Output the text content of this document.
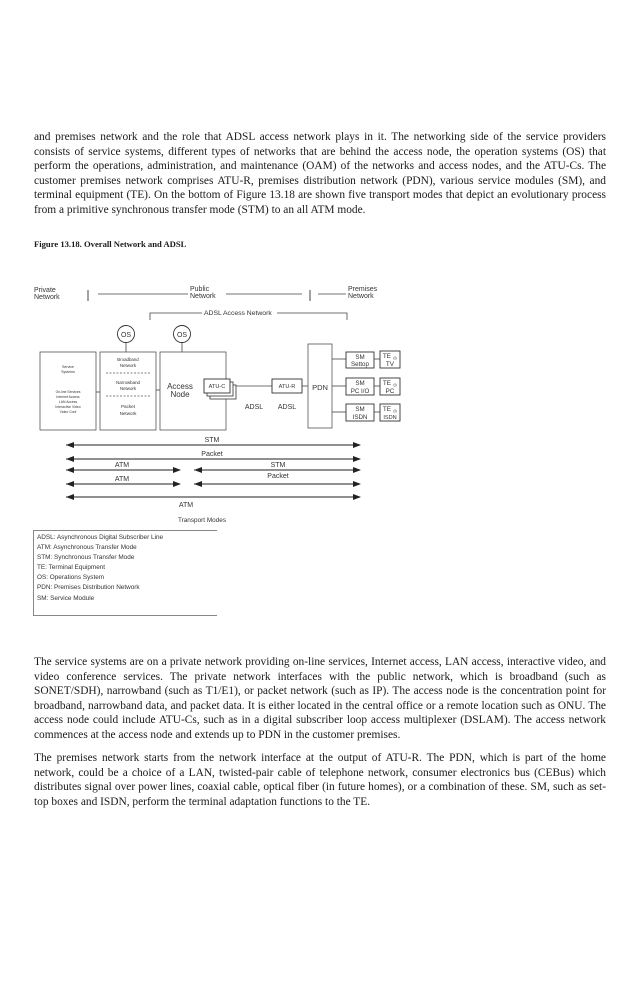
and premises network and the role that ADSL access network plays in it. The networking side of the service providers consists of service systems, different types of networks that are behind the access node, the operation systems (OS) that perform the operations, administration, and maintenance (OAM) of the networks and access nodes, and the ATU-Cs. The customer premises network comprises ATU-R, premises distribution network (PDN), various service modules (SM), and terminal equipment (TE). On the bottom of Figure 13.18 are shown five transport modes that depict an evolutionary process from a primitive synchronous transfer mode (STM) to an all ATM mode.

Figure 13.18. Overall Network and ADSL

Private
Network
Public
Network
Premises
Network
ADSL Access Network
OS	OS
Service
Systems
On-line Services
Internet Access
LAN Access
Interactive Video
Video Conf
Broadband
Network
Narrowband
Network
Packet
Network
Access
Node
ATU-C
ADSL
ATU-R
ADSL
PDN
SM
Settop
TE (i)
TV
SM
PC I/O
TE (i)
PC
SM
ISDN
TE (i)
ISDN
STM
Packet
ATM	STM
ATM	Packet
ATM
Transport Modes
ADSL: Asynchronous Digital Subscriber Line
ATM: Asynchronous Transfer Mode
STM: Synchronous Transfer Mode
TE: Terminal Equipment
OS: Operations System
PDN: Premises Distribution Network
SM: Service Module

The service systems are on a private network providing on-line services, Internet access, LAN access, interactive video, and video conference services. The private network interfaces with the public network, which is broadband (such as SONET/SDH), narrowband (such as T1/E1), or packet network (such as IP). The access node is the concentration point for broadband, narrowband data, and packet data. It is either located in the central office or a remote location such as ONU. The access node could include ATU-Cs, such as in a digital subscriber loop access multiplexer (DSLAM). The access network commences at the access node and extends up to PDN in the customer premises.

The premises network starts from the network interface at the output of ATU-R. The PDN, which is part of the home network, could be a choice of a LAN, twisted-pair cable of telephone network, consumer electronics bus (CEBus) which distributes signal over power lines, coaxial cable, optical fiber (in future homes), or a combination of these. SM, such as set-top boxes and ISDN, perform the terminal adaptation functions to the TE.
